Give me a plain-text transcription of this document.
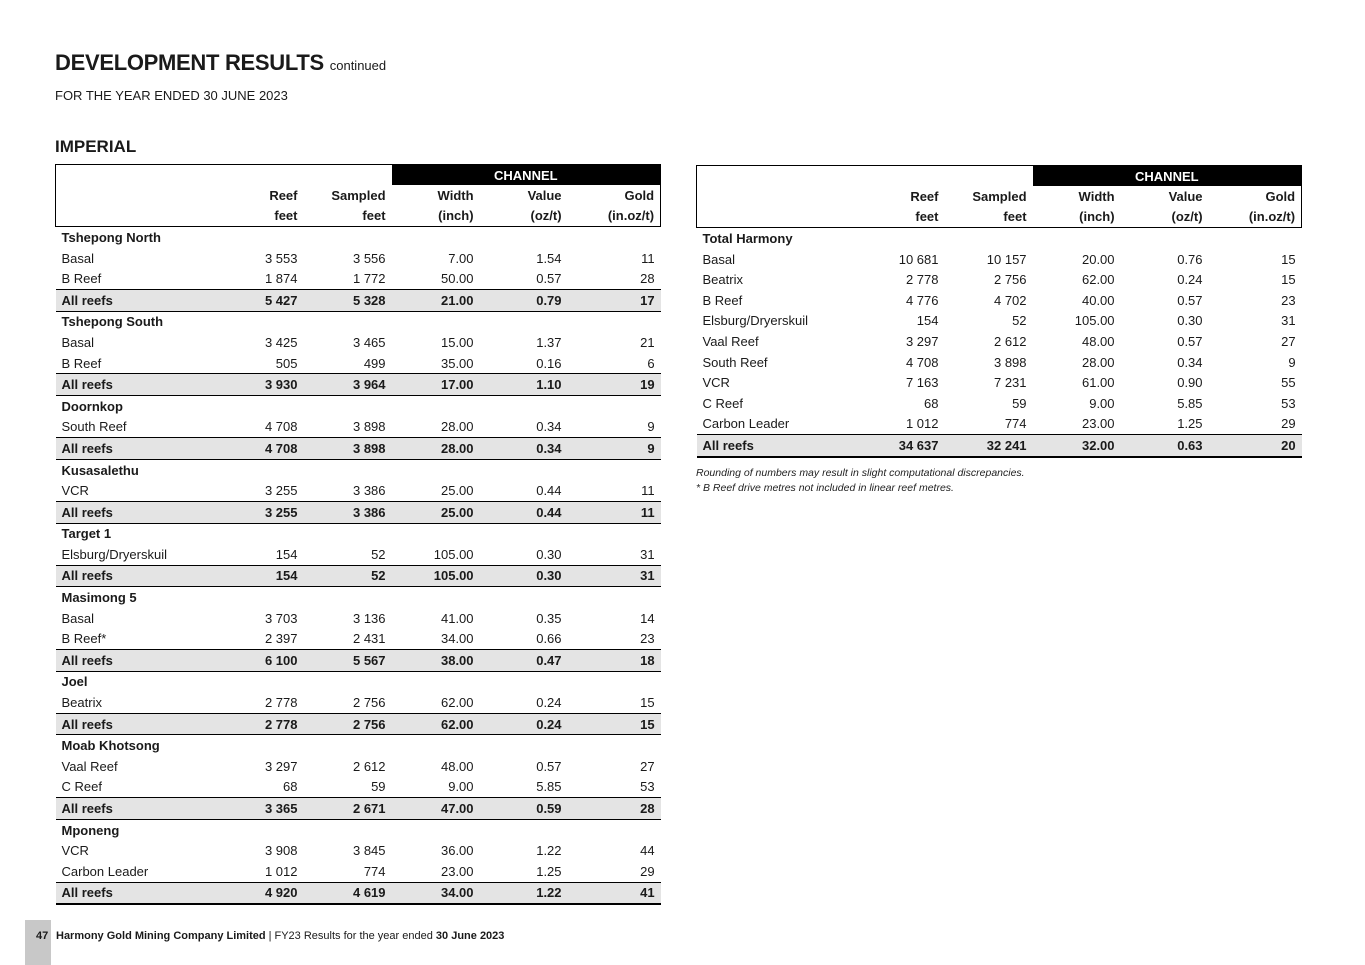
DEVELOPMENT RESULTS continued
FOR THE YEAR ENDED 30 JUNE 2023
IMPERIAL
			CHANNEL		
	Reef	Sampled	Width	Value	Gold
	feet	feet	(inch)	(oz/t)	(in.oz/t)
Tshepong North					
Basal	3 553	3 556	7.00	1.54	11
B Reef	1 874	1 772	50.00	0.57	28
All reefs	5 427	5 328	21.00	0.79	17
Tshepong South					
Basal	3 425	3 465	15.00	1.37	21
B Reef	505	499	35.00	0.16	6
All reefs	3 930	3 964	17.00	1.10	19
Doornkop					
South Reef	4 708	3 898	28.00	0.34	9
All reefs	4 708	3 898	28.00	0.34	9
Kusasalethu					
VCR	3 255	3 386	25.00	0.44	11
All reefs	3 255	3 386	25.00	0.44	11
Target 1					
Elsburg/Dryerskuil	154	52	105.00	0.30	31
All reefs	154	52	105.00	0.30	31
Masimong 5					
Basal	3 703	3 136	41.00	0.35	14
B Reef*	2 397	2 431	34.00	0.66	23
All reefs	6 100	5 567	38.00	0.47	18
Joel					
Beatrix	2 778	2 756	62.00	0.24	15
All reefs	2 778	2 756	62.00	0.24	15
Moab Khotsong					
Vaal Reef	3 297	2 612	48.00	0.57	27
C Reef	68	59	9.00	5.85	53
All reefs	3 365	2 671	47.00	0.59	28
Mponeng					
VCR	3 908	3 845	36.00	1.22	44
Carbon Leader	1 012	774	23.00	1.25	29
All reefs	4 920	4 619	34.00	1.22	41
			CHANNEL		
	Reef	Sampled	Width	Value	Gold
	feet	feet	(inch)	(oz/t)	(in.oz/t)
Total Harmony					
Basal	10 681	10 157	20.00	0.76	15
Beatrix	2 778	2 756	62.00	0.24	15
B Reef	4 776	4 702	40.00	0.57	23
Elsburg/Dryerskuil	154	52	105.00	0.30	31
Vaal Reef	3 297	2 612	48.00	0.57	27
South Reef	4 708	3 898	28.00	0.34	9
VCR	7 163	7 231	61.00	0.90	55
C Reef	68	59	9.00	5.85	53
Carbon Leader	1 012	774	23.00	1.25	29
All reefs	34 637	32 241	32.00	0.63	20
Rounding of numbers may result in slight computational discrepancies.
* B Reef drive metres not included in linear reef metres.
47 Harmony Gold Mining Company Limited | FY23 Results for the year ended 30 June 2023
